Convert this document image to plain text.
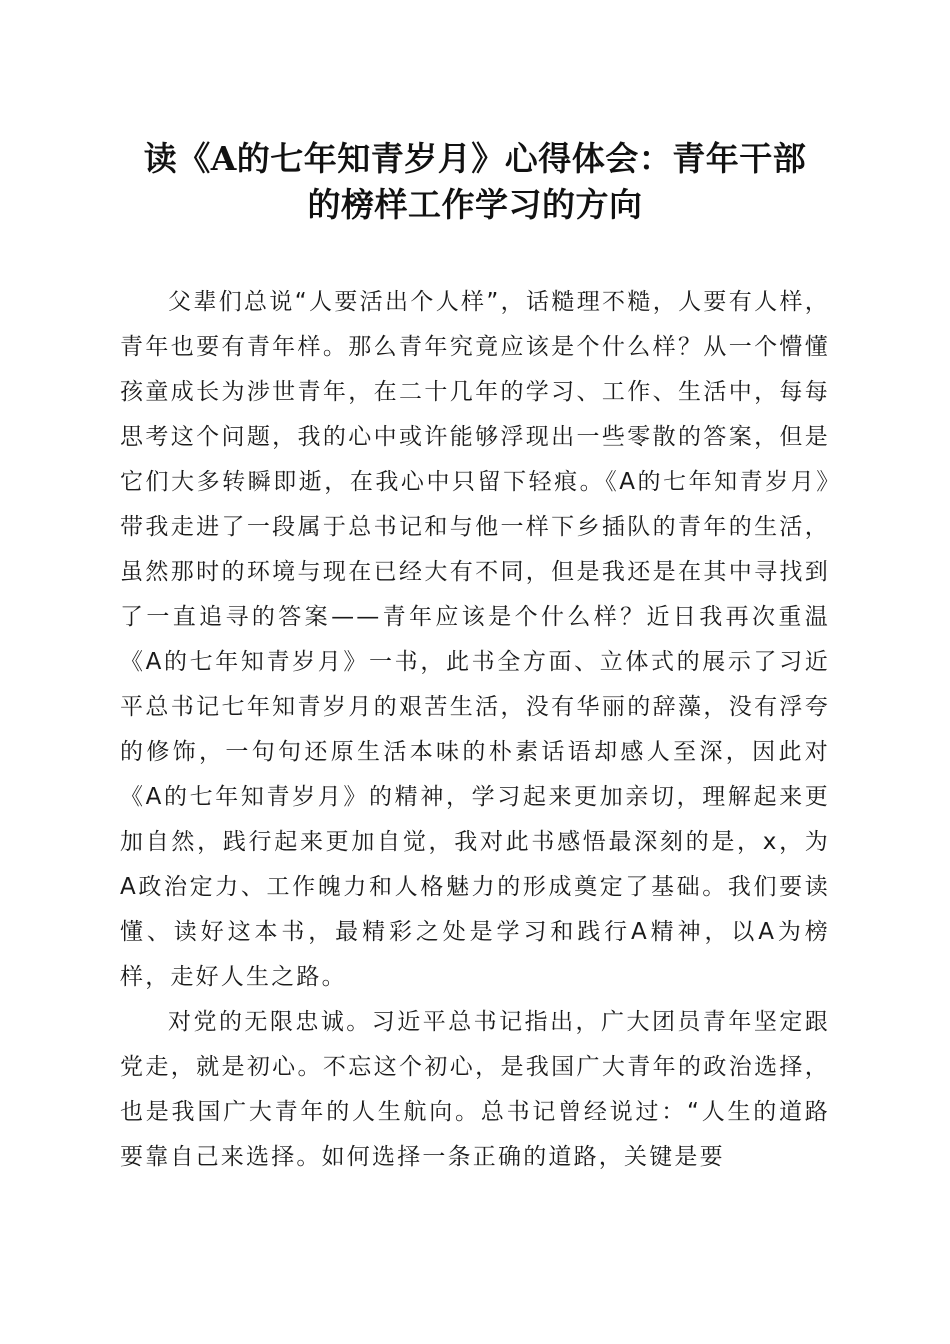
读《A的七年知青岁月》心得体会：青年干部
的榜样工作学习的方向

父辈们总说“人要活出个人样”，话糙理不糙，人要有人样，青年也要有青年样。那么青年究竟应该是个什么样？从一个懵懂孩童成长为涉世青年，在二十几年的学习、工作、生活中，每每思考这个问题，我的心中或许能够浮现出一些零散的答案，但是它们大多转瞬即逝，在我心中只留下轻痕。《A的七年知青岁月》带我走进了一段属于总书记和与他一样下乡插队的青年的生活，虽然那时的环境与现在已经大有不同，但是我还是在其中寻找到了一直追寻的答案——青年应该是个什么样？近日我再次重温《A的七年知青岁月》一书，此书全方面、立体式的展示了习近平总书记七年知青岁月的艰苦生活，没有华丽的辞藻，没有浮夸的修饰，一句句还原生活本味的朴素话语却感人至深，因此对《A的七年知青岁月》的精神，学习起来更加亲切，理解起来更加自然，践行起来更加自觉，我对此书感悟最深刻的是，x，为A政治定力、工作魄力和人格魅力的形成奠定了基础。我们要读懂、读好这本书，最精彩之处是学习和践行A精神，以A为榜样，走好人生之路。

对党的无限忠诚。习近平总书记指出，广大团员青年坚定跟党走，就是初心。不忘这个初心，是我国广大青年的政治选择，也是我国广大青年的人生航向。总书记曾经说过：“人生的道路要靠自己来选择。如何选择一条正确的道路，关键是要
